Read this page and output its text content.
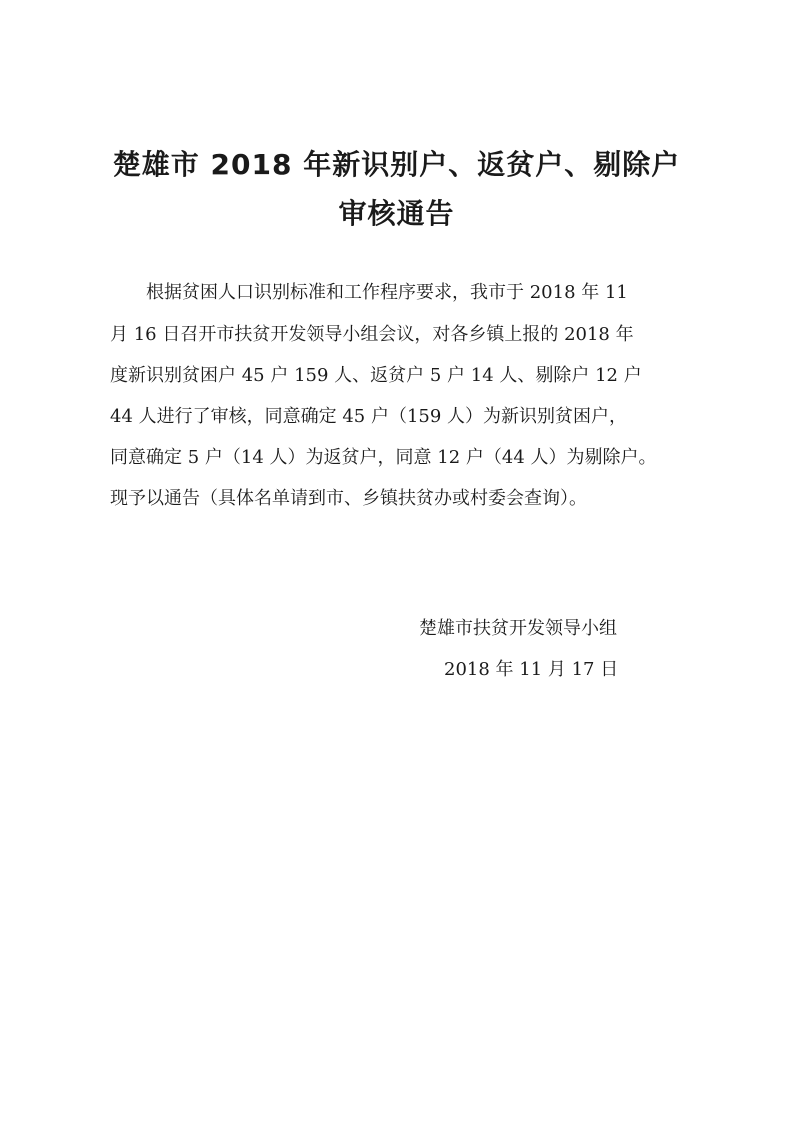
楚雄市 2018 年新识别户、返贫户、剔除户
审核通告

根据贫困人口识别标准和工作程序要求，我市于 2018 年 11

月 16 日召开市扶贫开发领导小组会议，对各乡镇上报的 2018 年

度新识别贫困户 45 户 159 人、返贫户 5 户 14 人、剔除户 12 户

44 人进行了审核，同意确定 45 户（159 人）为新识别贫困户，

同意确定 5 户（14 人）为返贫户，同意 12 户（44 人）为剔除户。

现予以通告（具体名单请到市、乡镇扶贫办或村委会查询）。

楚雄市扶贫开发领导小组

2018 年 11 月 17 日
